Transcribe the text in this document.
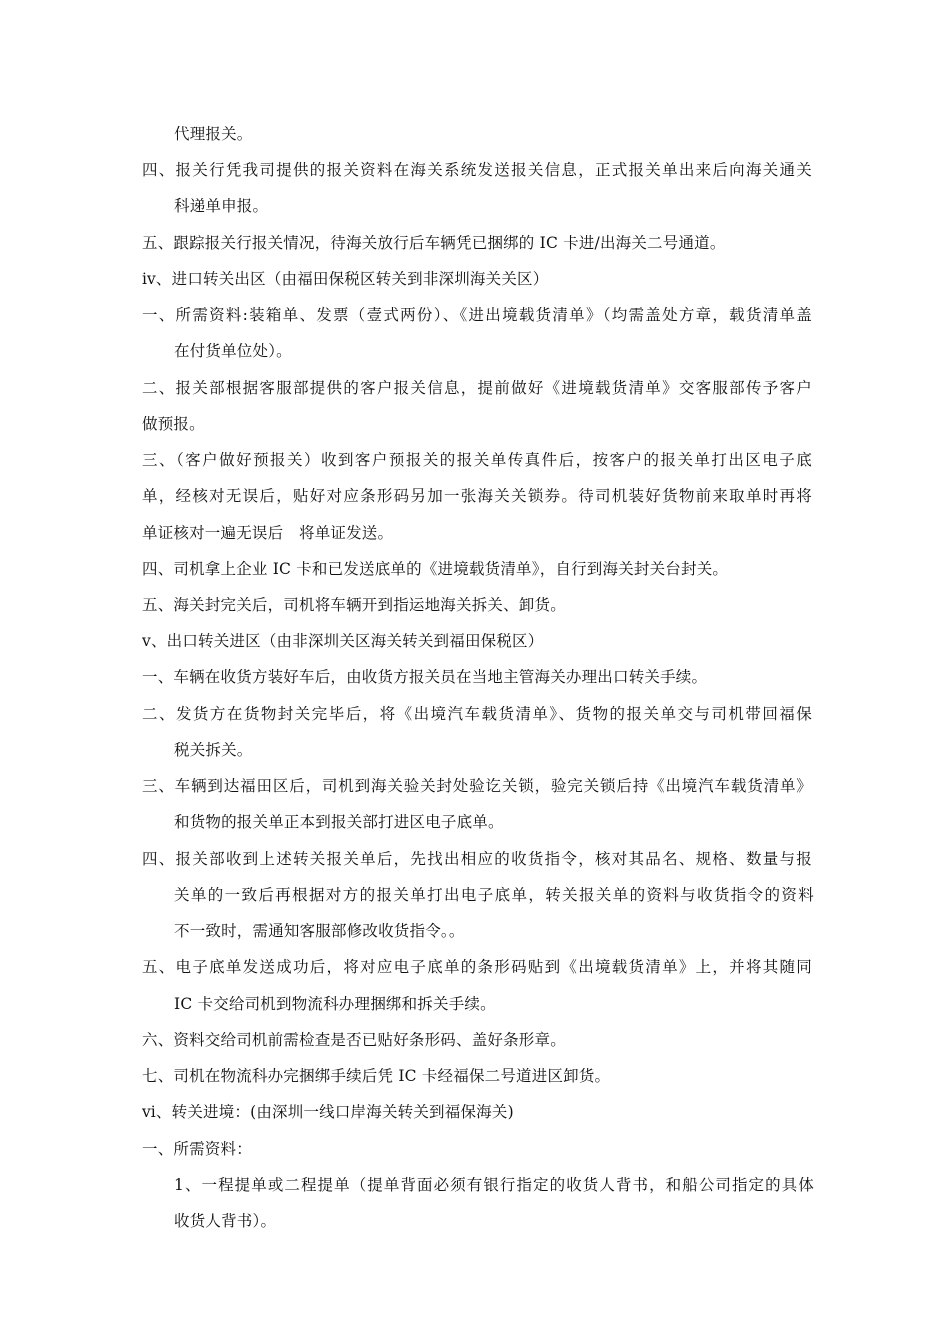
代理报关。
四、报关行凭我司提供的报关资料在海关系统发送报关信息，正式报关单出来后向海关通关
科递单申报。
五、跟踪报关行报关情况，待海关放行后车辆凭已捆绑的 IC 卡进/出海关二号通道。
ⅳ、进口转关出区（由福田保税区转关到非深圳海关关区）
一、所需资料:装箱单、发票（壹式两份）、《进出境载货清单》（均需盖处方章，载货清单盖
在付货单位处）。
二、报关部根据客服部提供的客户报关信息，提前做好《进境载货清单》交客服部传予客户
做预报。
三、（客户做好预报关）收到客户预报关的报关单传真件后，按客户的报关单打出区电子底
单，经核对无误后，贴好对应条形码另加一张海关关锁券。待司机装好货物前来取单时再将
单证核对一遍无误后　将单证发送。
四、司机拿上企业 IC 卡和已发送底单的《进境载货清单》，自行到海关封关台封关。
五、海关封完关后，司机将车辆开到指运地海关拆关、卸货。
ⅴ、出口转关进区（由非深圳关区海关转关到福田保税区）
一、车辆在收货方装好车后，由收货方报关员在当地主管海关办理出口转关手续。
二、发货方在货物封关完毕后，将《出境汽车载货清单》、货物的报关单交与司机带回福保
税关拆关。
三、车辆到达福田区后，司机到海关验关封处验讫关锁，验完关锁后持《出境汽车载货清单》
和货物的报关单正本到报关部打进区电子底单。
四、报关部收到上述转关报关单后，先找出相应的收货指令，核对其品名、规格、数量与报
关单的一致后再根据对方的报关单打出电子底单，转关报关单的资料与收货指令的资料
不一致时，需通知客服部修改收货指令。。
五、电子底单发送成功后，将对应电子底单的条形码贴到《出境载货清单》上，并将其随同
IC 卡交给司机到物流科办理捆绑和拆关手续。
六、资料交给司机前需检查是否已贴好条形码、盖好条形章。
七、司机在物流科办完捆绑手续后凭 IC 卡经福保二号道进区卸货。
ⅵ、转关进境：(由深圳一线口岸海关转关到福保海关)
一、所需资料：
1、一程提单或二程提单（提单背面必须有银行指定的收货人背书，和船公司指定的具体
收货人背书）。
